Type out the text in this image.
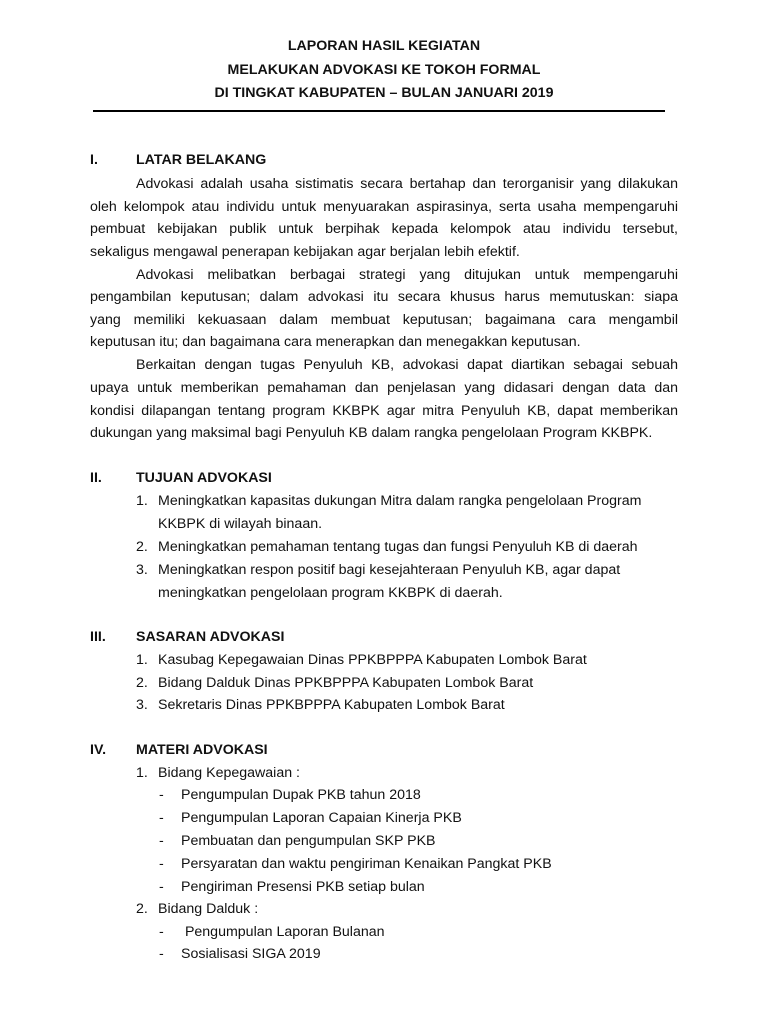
LAPORAN HASIL KEGIATAN
MELAKUKAN ADVOKASI KE TOKOH FORMAL
DI TINGKAT KABUPATEN – BULAN JANUARI 2019
I.	LATAR BELAKANG
Advokasi adalah usaha sistimatis secara bertahap dan terorganisir yang dilakukan
oleh kelompok atau individu untuk menyuarakan aspirasinya, serta usaha mempengaruhi
pembuat kebijakan publik untuk berpihak kepada kelompok atau individu tersebut,
sekaligus mengawal penerapan kebijakan agar berjalan lebih efektif.
Advokasi melibatkan berbagai strategi yang ditujukan untuk mempengaruhi
pengambilan keputusan; dalam advokasi itu secara khusus harus memutuskan: siapa
yang memiliki kekuasaan dalam membuat keputusan; bagaimana cara mengambil
keputusan itu; dan bagaimana cara menerapkan dan menegakkan keputusan.
Berkaitan dengan tugas Penyuluh KB, advokasi dapat diartikan sebagai sebuah
upaya untuk memberikan pemahaman dan penjelasan yang didasari dengan data dan
kondisi dilapangan tentang program KKBPK agar mitra Penyuluh KB, dapat memberikan
dukungan yang maksimal bagi Penyuluh KB dalam rangka pengelolaan Program KKBPK.
II. TUJUAN ADVOKASI
1. Meningkatkan kapasitas dukungan Mitra dalam rangka pengelolaan Program
KKBPK di wilayah binaan.
2. Meningkatkan pemahaman tentang tugas dan fungsi Penyuluh KB di daerah
3. Meningkatkan respon positif bagi kesejahteraan Penyuluh KB, agar dapat
meningkatkan pengelolaan program KKBPK di daerah.
III. SASARAN ADVOKASI
1. Kasubag Kepegawaian Dinas PPKBPPPA Kabupaten Lombok Barat
2. Bidang Dalduk Dinas PPKBPPPA Kabupaten Lombok Barat
3. Sekretaris Dinas PPKBPPPA Kabupaten Lombok Barat
IV. MATERI ADVOKASI
1. Bidang Kepegawaian :
- Pengumpulan Dupak PKB tahun 2018
- Pengumpulan Laporan Capaian Kinerja PKB
- Pembuatan dan pengumpulan SKP PKB
- Persyaratan dan waktu pengiriman Kenaikan Pangkat PKB
- Pengiriman Presensi PKB setiap bulan
2. Bidang Dalduk :
- Pengumpulan Laporan Bulanan
- Sosialisasi SIGA 2019
